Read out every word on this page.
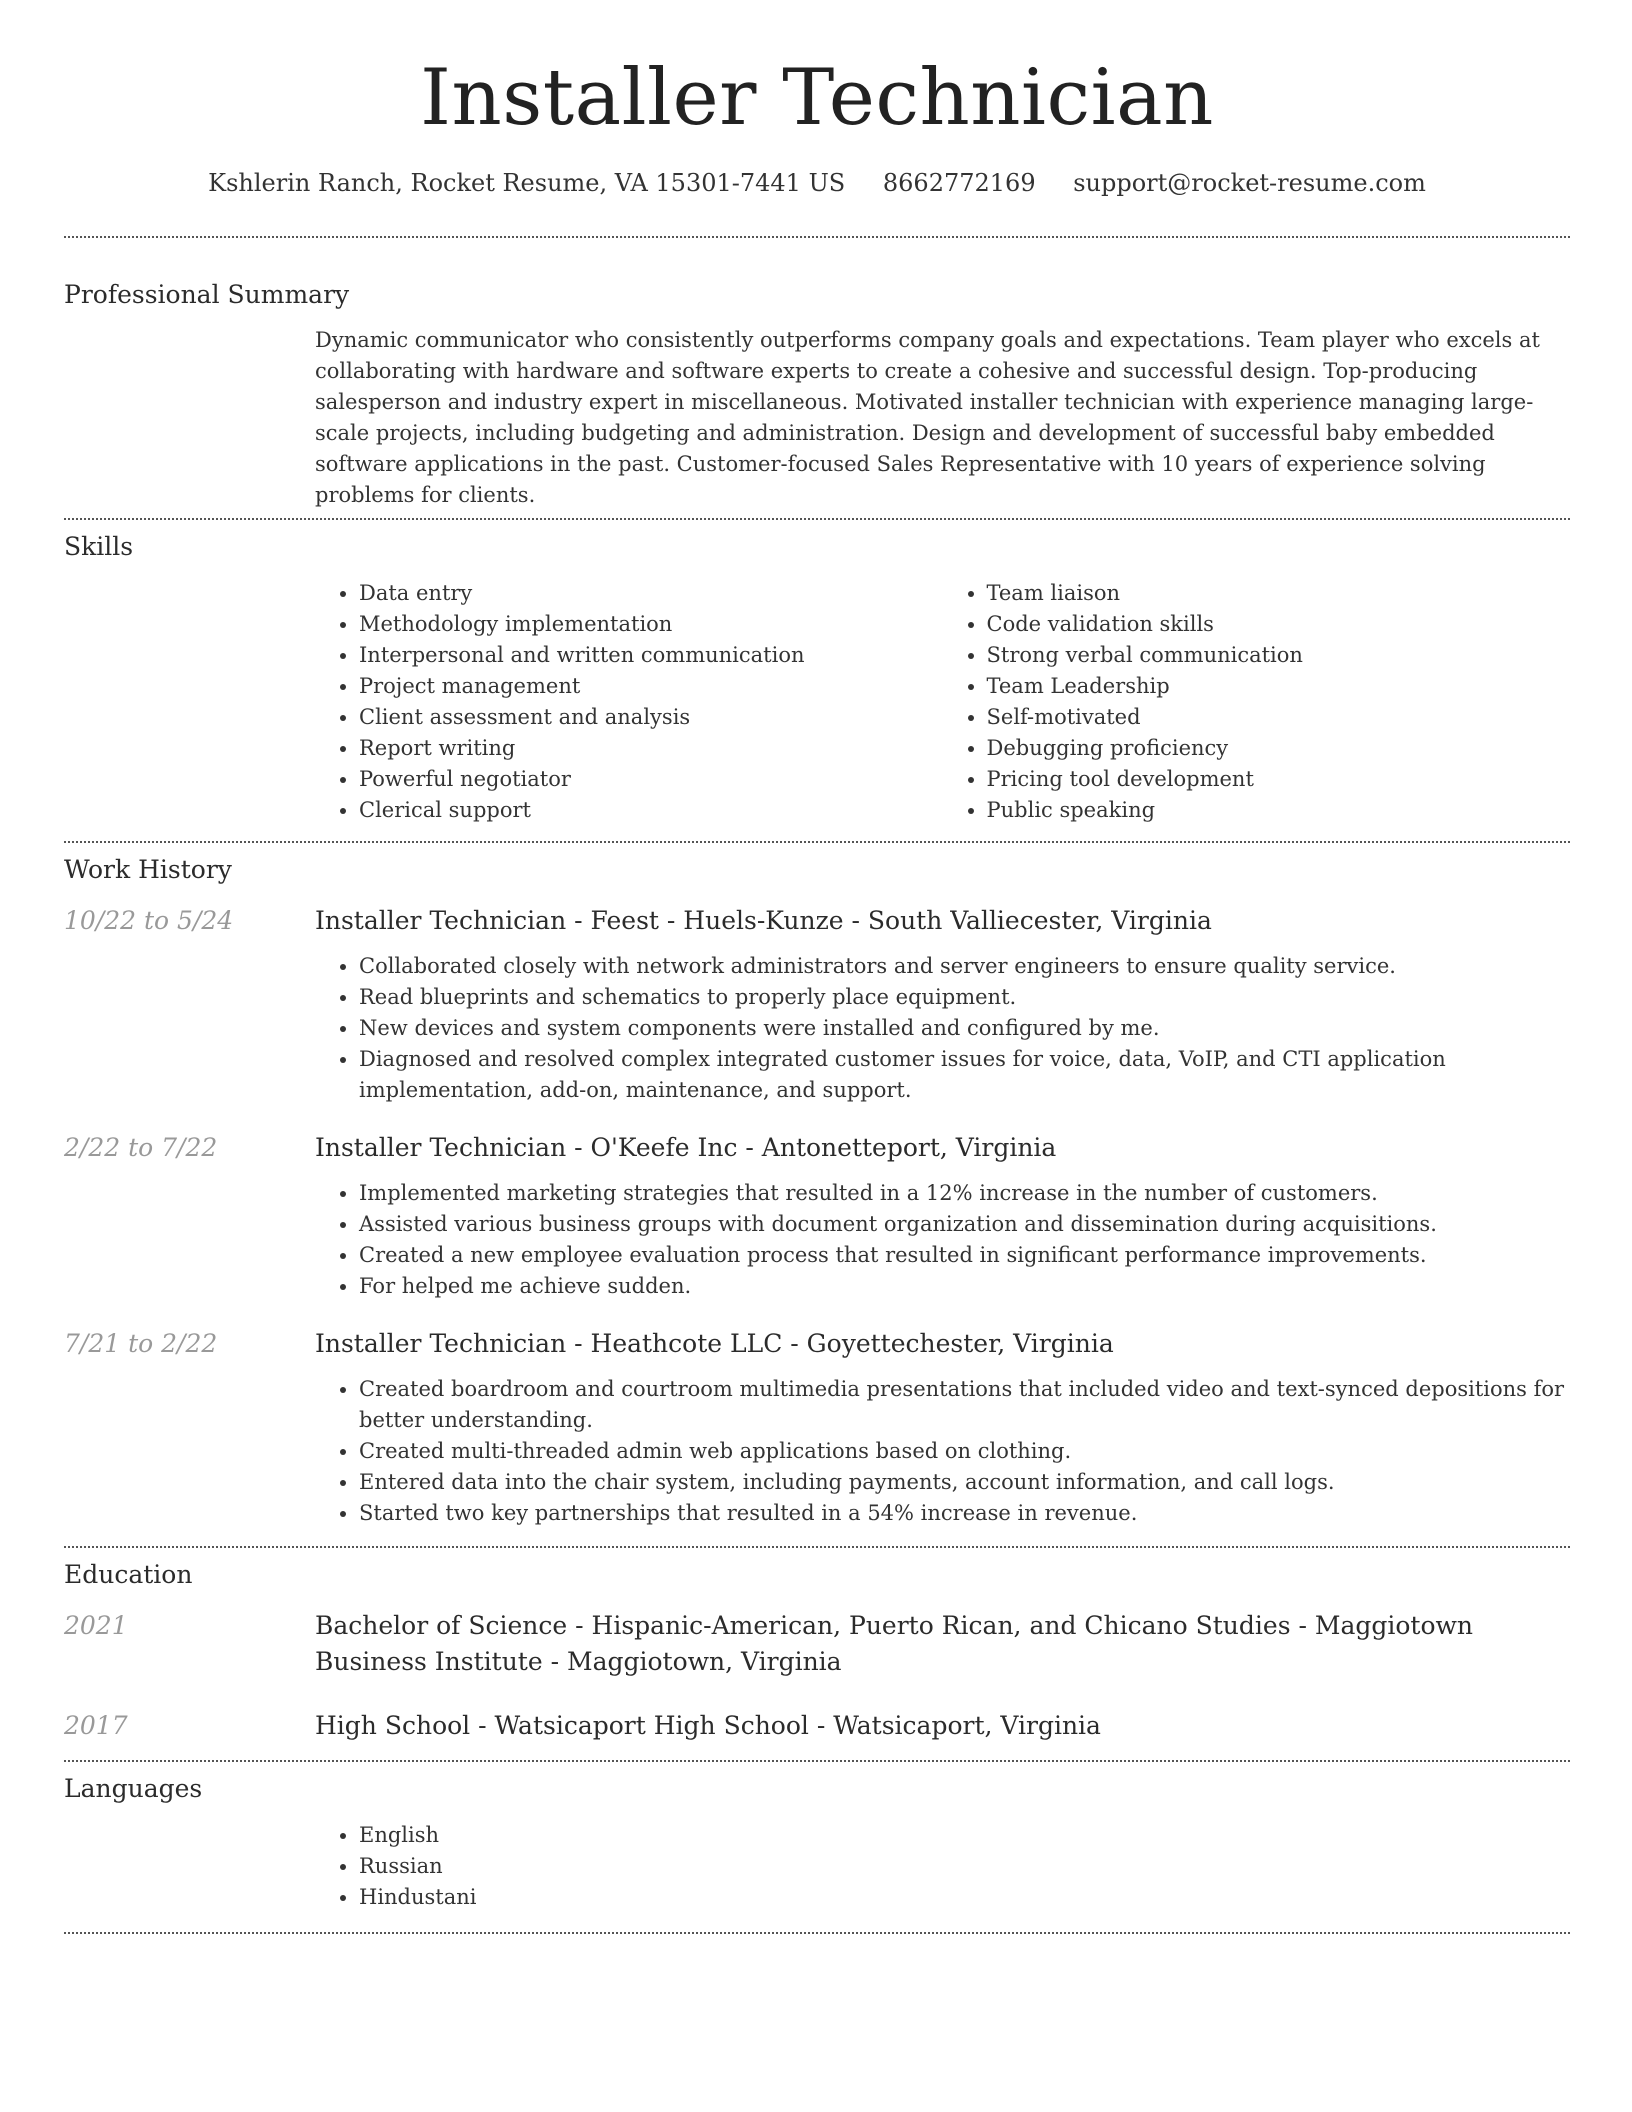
Installer Technician
Kshlerin Ranch, Rocket Resume, VA 15301-7441 US 8662772169 support@rocket-resume.com
Professional Summary

Dynamic communicator who consistently outperforms company goals and expectations. Team player who excels at collaborating with hardware and software experts to create a cohesive and successful design. Top-producing salesperson and industry expert in miscellaneous. Motivated installer technician with experience managing large-scale projects, including budgeting and administration. Design and development of successful baby embedded software applications in the past. Customer-focused Sales Representative with 10 years of experience solving problems for clients.

Skills
• Data entry
• Methodology implementation
• Interpersonal and written communication
• Project management
• Client assessment and analysis
• Report writing
• Powerful negotiator
• Clerical support
• Team liaison
• Code validation skills
• Strong verbal communication
• Team Leadership
• Self-motivated
• Debugging proficiency
• Pricing tool development
• Public speaking
Work History
10/22 to 5/24	Installer Technician - Feest - Huels-Kunze - South Valliecester, Virginia
• Collaborated closely with network administrators and server engineers to ensure quality service.
• Read blueprints and schematics to properly place equipment.
• New devices and system components were installed and configured by me.
• Diagnosed and resolved complex integrated customer issues for voice, data, VoIP, and CTI application implementation, add-on, maintenance, and support.
2/22 to 7/22	Installer Technician - O'Keefe Inc - Antonetteport, Virginia
• Implemented marketing strategies that resulted in a 12% increase in the number of customers.
• Assisted various business groups with document organization and dissemination during acquisitions.
• Created a new employee evaluation process that resulted in significant performance improvements.
• For helped me achieve sudden.
7/21 to 2/22	Installer Technician - Heathcote LLC - Goyettechester, Virginia
• Created boardroom and courtroom multimedia presentations that included video and text-synced depositions for better understanding.
• Created multi-threaded admin web applications based on clothing.
• Entered data into the chair system, including payments, account information, and call logs.
• Started two key partnerships that resulted in a 54% increase in revenue.
Education
2021	Bachelor of Science - Hispanic-American, Puerto Rican, and Chicano Studies - Maggiotown Business Institute - Maggiotown, Virginia
2017	High School - Watsicaport High School - Watsicaport, Virginia
Languages
• English
• Russian
• Hindustani
